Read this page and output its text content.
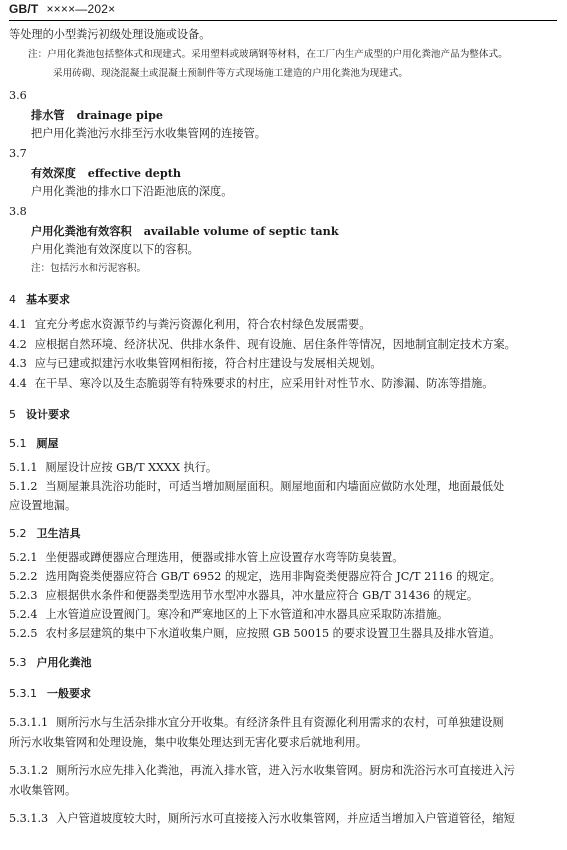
GB/T ××××—202×
等处理的小型粪污初级处理设施或设备。
注：户用化粪池包括整体式和现建式。采用塑料或玻璃钢等材料，在工厂内生产成型的户用化粪池产品为整体式。
采用砖砌、现浇混凝土或混凝土预制件等方式现场施工建造的户用化粪池为现建式。
3.6
排水管 drainage pipe
把户用化粪池污水排至污水收集管网的连接管。
3.7
有效深度 effective depth
户用化粪池的排水口下沿距池底的深度。
3.8
户用化粪池有效容积 available volume of septic tank
户用化粪池有效深度以下的容积。
注：包括污水和污泥容积。
4 基本要求
4.1 宜充分考虑水资源节约与粪污资源化利用，符合农村绿色发展需要。
4.2 应根据自然环境、经济状况、供排水条件、现有设施、居住条件等情况，因地制宜制定技术方案。
4.3 应与已建或拟建污水收集管网相衔接，符合村庄建设与发展相关规划。
4.4 在干旱、寒冷以及生态脆弱等有特殊要求的村庄，应采用针对性节水、防渗漏、防冻等措施。
5 设计要求
5.1 厕屋
5.1.1 厕屋设计应按 GB/T XXXX 执行。
5.1.2 当厕屋兼具洗浴功能时，可适当增加厕屋面积。厕屋地面和内墙面应做防水处理，地面最低处
应设置地漏。
5.2 卫生洁具
5.2.1 坐便器或蹲便器应合理选用，便器或排水管上应设置存水弯等防臭装置。
5.2.2 选用陶瓷类便器应符合 GB/T 6952 的规定，选用非陶瓷类便器应符合 JC/T 2116 的规定。
5.2.3 应根据供水条件和便器类型选用节水型冲水器具，冲水量应符合 GB/T 31436 的规定。
5.2.4 上水管道应设置阀门。寒冷和严寒地区的上下水管道和冲水器具应采取防冻措施。
5.2.5 农村多层建筑的集中下水道收集户厕，应按照 GB 50015 的要求设置卫生器具及排水管道。
5.3 户用化粪池
5.3.1 一般要求
5.3.1.1 厕所污水与生活杂排水宜分开收集。有经济条件且有资源化利用需求的农村，可单独建设厕
所污水收集管网和处理设施，集中收集处理达到无害化要求后就地利用。
5.3.1.2 厕所污水应先排入化粪池，再流入排水管，进入污水收集管网。厨房和洗浴污水可直接进入污
水收集管网。
5.3.1.3 入户管道坡度较大时，厕所污水可直接接入污水收集管网，并应适当增加入户管道管径，缩短
